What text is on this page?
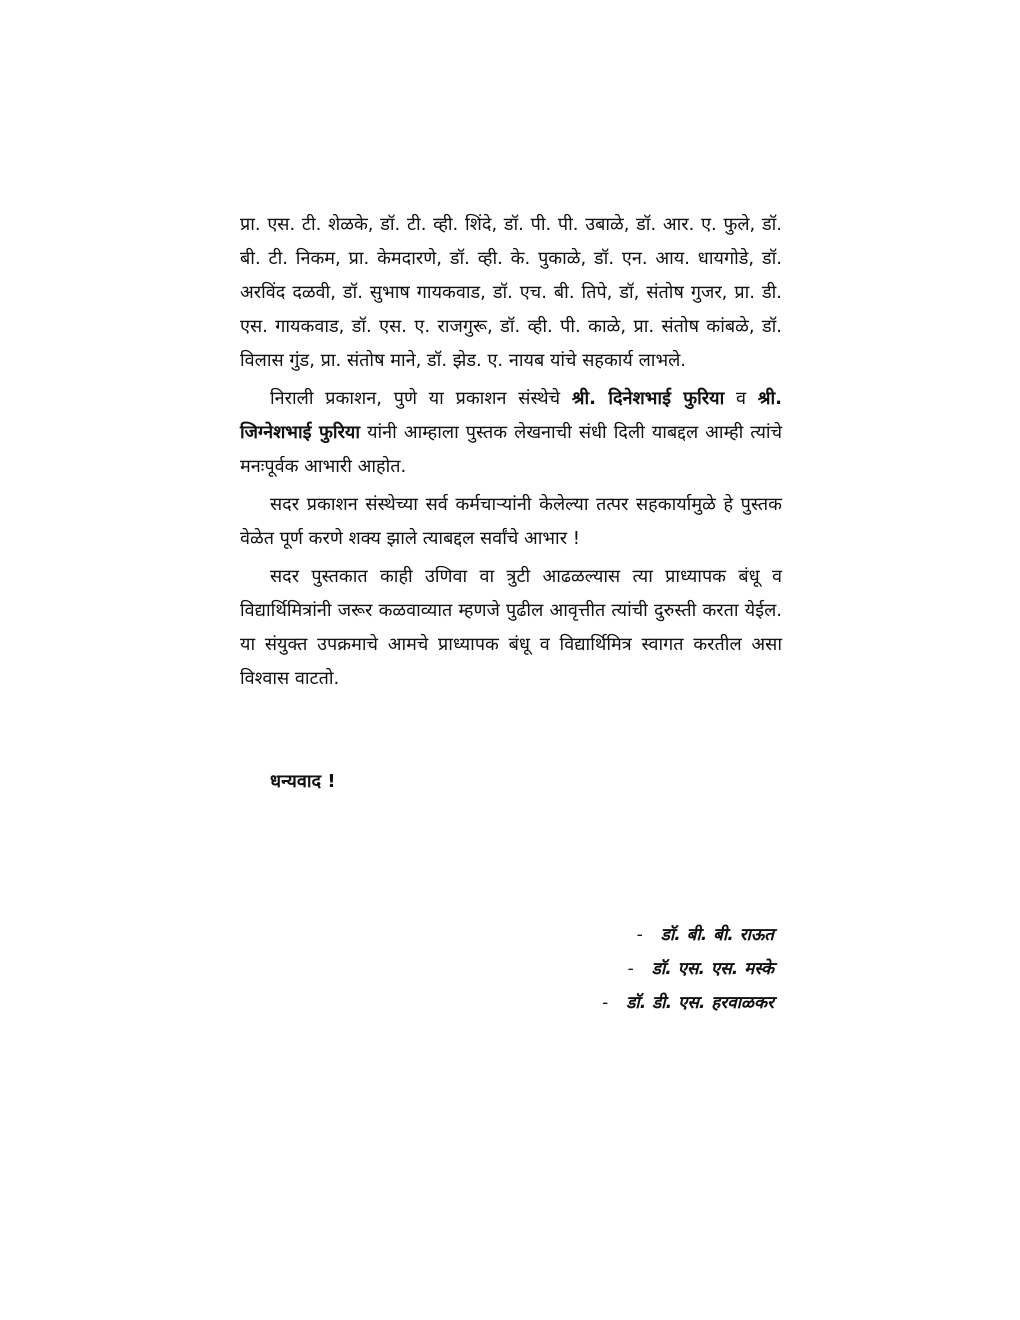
प्रा. एस. टी. शेळके, डॉ. टी. व्ही. शिंदे, डॉ. पी. पी. उबाळे, डॉ. आर. ए. फुले, डॉ. बी. टी. निकम, प्रा. केमदारणे, डॉ. व्ही. के. पुकाळे, डॉ. एन. आय. धायगोडे, डॉ. अरविंद दळवी, डॉ. सुभाष गायकवाड, डॉ. एच. बी. तिपे, डॉ, संतोष गुजर, प्रा. डी. एस. गायकवाड, डॉ. एस. ए. राजगुरू, डॉ. व्ही. पी. काळे, प्रा. संतोष कांबळे, डॉ. विलास गुंड, प्रा. संतोष माने, डॉ. झेड. ए. नायब यांचे सहकार्य लाभले.

निराली प्रकाशन, पुणे या प्रकाशन संस्थेचे श्री. दिनेशभाई फुरिया व श्री. जिग्नेशभाई फुरिया यांनी आम्हाला पुस्तक लेखनाची संधी दिली याबद्दल आम्ही त्यांचे मनःपूर्वक आभारी आहोत.

सदर प्रकाशन संस्थेच्या सर्व कर्मचाऱ्यांनी केलेल्या तत्पर सहकार्यामुळे हे पुस्तक वेळेत पूर्ण करणे शक्य झाले त्याबद्दल सर्वांचे आभार !

सदर पुस्तकात काही उणिवा वा त्रुटी आढळल्यास त्या प्राध्यापक बंधू व विद्यार्थिमित्रांनी जरूर कळवाव्यात म्हणजे पुढील आवृत्तीत त्यांची दुरुस्ती करता येईल. या संयुक्त उपक्रमाचे आमचे प्राध्यापक बंधू व विद्यार्थिमित्र स्वागत करतील असा विश्वास वाटतो.

धन्यवाद !

- डॉ. बी. बी. राऊत
- डॉ. एस. एस. मस्के
- डॉ. डी. एस. हरवाळकर
